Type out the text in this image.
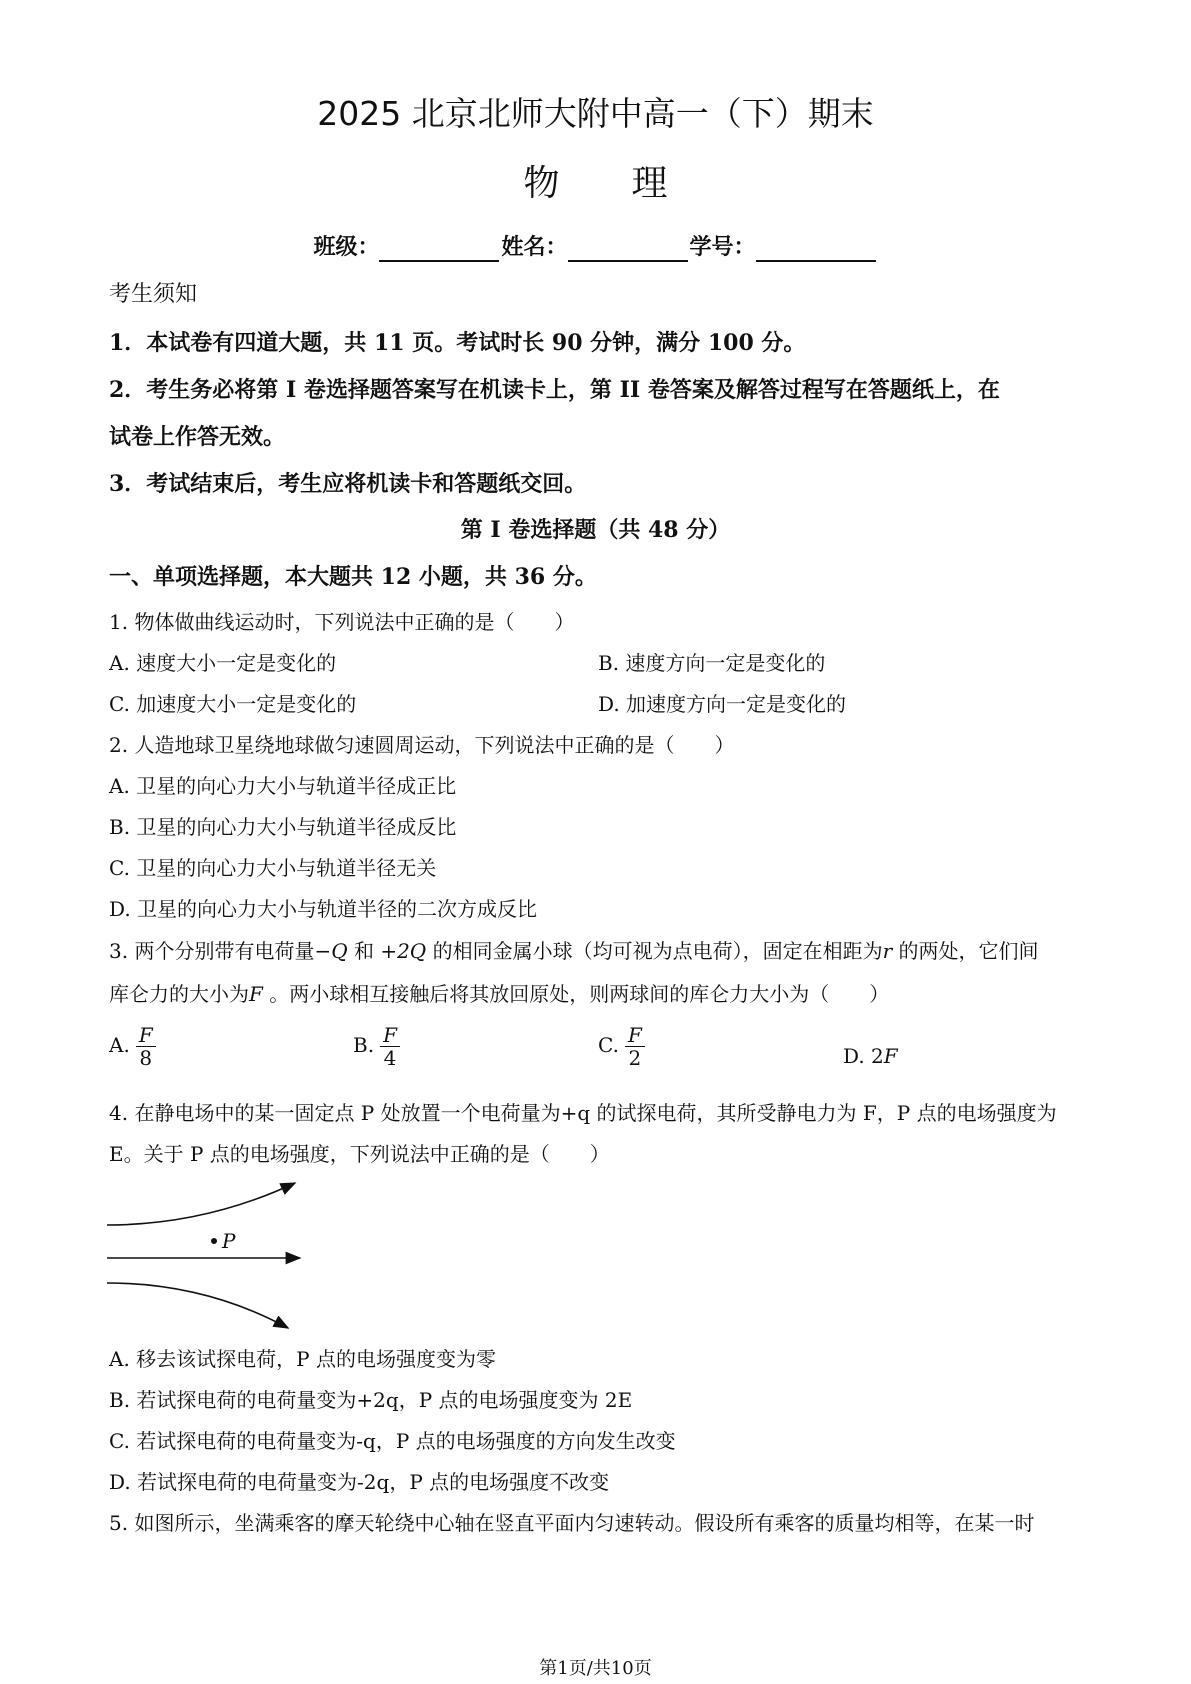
2025 北京北师大附中高一（下）期末
物 理
班级：	姓名：	学号：
考生须知
1．本试卷有四道大题，共 11 页。考试时长 90 分钟，满分 100 分。
2．考生务必将第 I 卷选择题答案写在机读卡上，第 II 卷答案及解答过程写在答题纸上，在
试卷上作答无效。
3．考试结束后，考生应将机读卡和答题纸交回。
第 I 卷选择题（共 48 分）
一、单项选择题，本大题共 12 小题，共 36 分。
1. 物体做曲线运动时，下列说法中正确的是（　　）
A. 速度大小一定是变化的	B. 速度方向一定是变化的
C. 加速度大小一定是变化的	D. 加速度方向一定是变化的
2. 人造地球卫星绕地球做匀速圆周运动，下列说法中正确的是（　　）
A. 卫星的向心力大小与轨道半径成正比
B. 卫星的向心力大小与轨道半径成反比
C. 卫星的向心力大小与轨道半径无关
D. 卫星的向心力大小与轨道半径的二次方成反比
3. 两个分别带有电荷量−Q 和 +2Q 的相同金属小球（均可视为点电荷），固定在相距为r 的两处，它们间
库仑力的大小为F 。两小球相互接触后将其放回原处，则两球间的库仑力大小为（　　）
A. $\frac{F}{8}$	B. $\frac{F}{4}$	C. $\frac{F}{2}$	D. 2F
4. 在静电场中的某一固定点 P 处放置一个电荷量为+q 的试探电荷，其所受静电力为 F，P 点的电场强度为
E。关于 P 点的电场强度，下列说法中正确的是（　　）
P
A. 移去该试探电荷，P 点的电场强度变为零
B. 若试探电荷的电荷量变为+2q，P 点的电场强度变为 2E
C. 若试探电荷的电荷量变为-q，P 点的电场强度的方向发生改变
D. 若试探电荷的电荷量变为-2q，P 点的电场强度不改变
5. 如图所示，坐满乘客的摩天轮绕中心轴在竖直平面内匀速转动。假设所有乘客的质量均相等，在某一时
第1页/共10页
